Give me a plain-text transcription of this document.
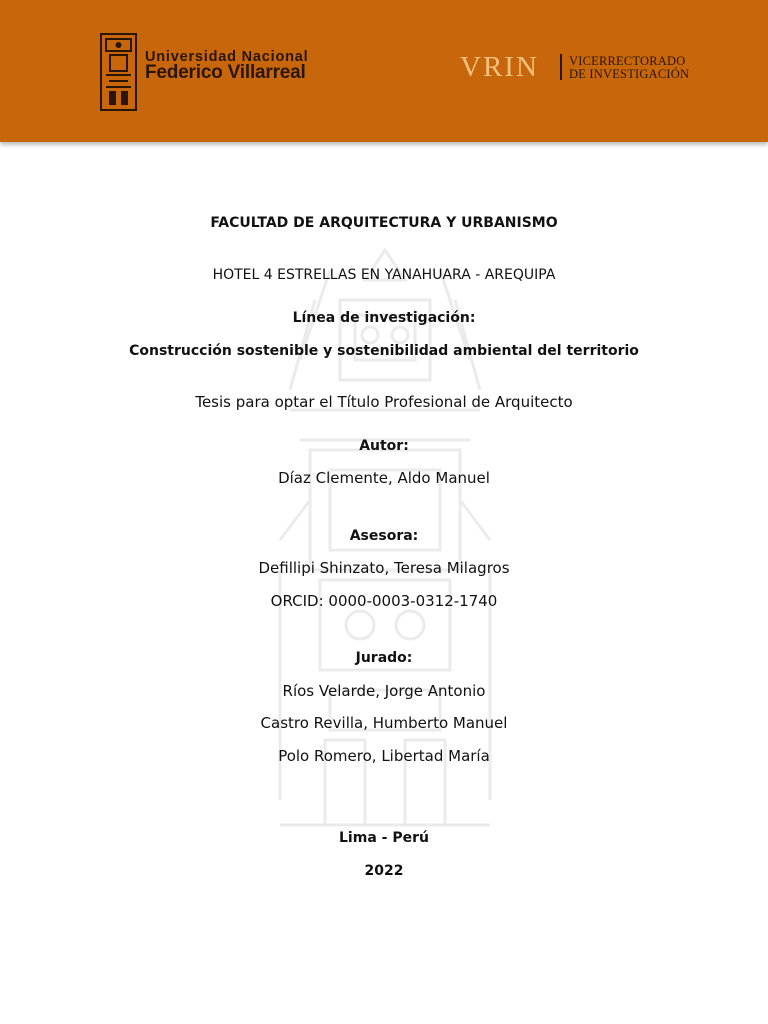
Universidad Nacional
Federico Villarreal	VRIN VICERRECTORADO
DE INVESTIGACIÓN
FACULTAD DE ARQUITECTURA Y URBANISMO
HOTEL 4 ESTRELLAS EN YANAHUARA - AREQUIPA
Línea de investigación:
Construcción sostenible y sostenibilidad ambiental del territorio
Tesis para optar el Título Profesional de Arquitecto
Autor:
Díaz Clemente, Aldo Manuel
Asesora:
Defillipi Shinzato, Teresa Milagros
ORCID: 0000-0003-0312-1740
Jurado:
Ríos Velarde, Jorge Antonio
Castro Revilla, Humberto Manuel
Polo Romero, Libertad María
Lima - Perú
2022
